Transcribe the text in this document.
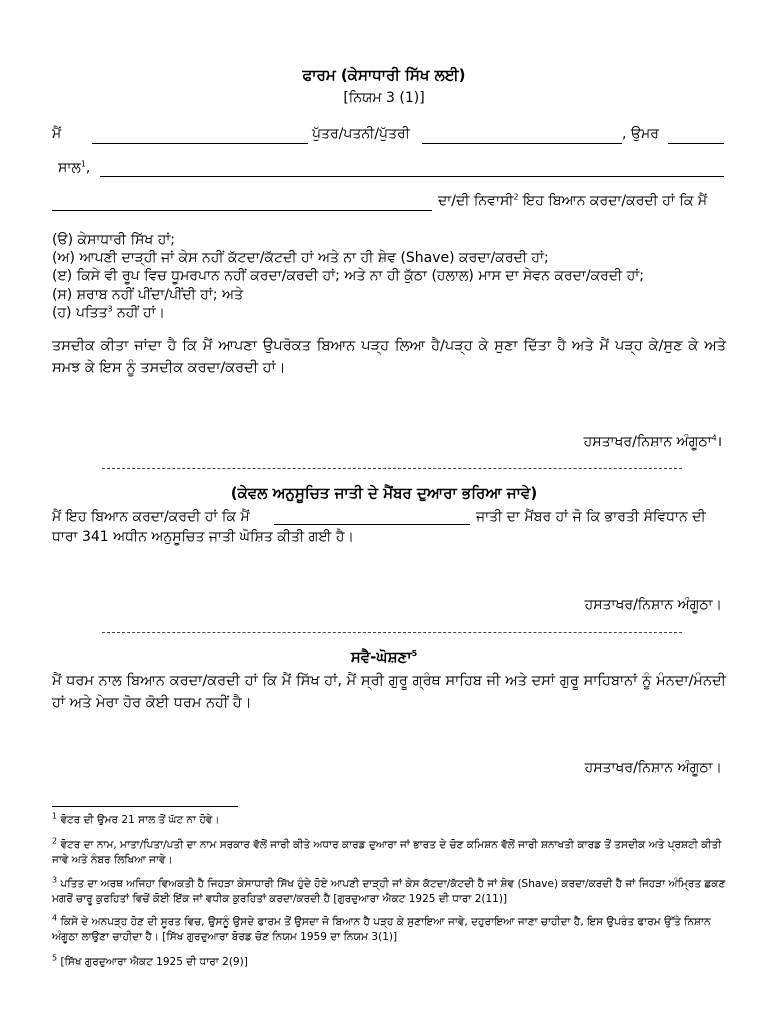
ਫਾਰਮ (ਕੇਸਾਧਾਰੀ ਸਿੱਖ ਲਈ)
[ਨਿਯਮ 3 (1)]
ਮੈਂ	ਪੁੱਤਰ/ਪਤਨੀ/ਪੁੱਤਰੀ	, ਉਮਰ
ਸਾਲ$^1$,
ਦਾ/ਦੀ ਨਿਵਾਸੀ$^2$ ਇਹ ਬਿਆਨ ਕਰਦਾ/ਕਰਦੀ ਹਾਂ ਕਿ ਮੈਂ
(ੳ) ਕੇਸਾਧਾਰੀ ਸਿੱਖ ਹਾਂ;
(ਅ) ਆਪਣੀ ਦਾੜ੍ਹੀ ਜਾਂ ਕੇਸ ਨਹੀਂ ਕੱਟਦਾ/ਕੱਟਦੀ ਹਾਂ ਅਤੇ ਨਾ ਹੀ ਸ਼ੇਵ (Shave) ਕਰਦਾ/ਕਰਦੀ ਹਾਂ;
(ੲ) ਕਿਸੇ ਵੀ ਰੂਪ ਵਿਚ ਧੂਮਰਪਾਨ ਨਹੀਂ ਕਰਦਾ/ਕਰਦੀ ਹਾਂ; ਅਤੇ ਨਾ ਹੀ ਕੁੱਠਾ (ਹਲਾਲ) ਮਾਸ ਦਾ ਸੇਵਨ ਕਰਦਾ/ਕਰਦੀ ਹਾਂ;
(ਸ) ਸ਼ਰਾਬ ਨਹੀਂ ਪੀਂਦਾ/ਪੀਂਦੀ ਹਾਂ; ਅਤੇ
(ਹ) ਪਤਿਤ$^3$ ਨਹੀਂ ਹਾਂ।
ਤਸਦੀਕ ਕੀਤਾ ਜਾਂਦਾ ਹੈ ਕਿ ਮੈਂ ਆਪਣਾ ਉਪਰੋਕਤ ਬਿਆਨ ਪੜ੍ਹ ਲਿਆ ਹੈ/ਪੜ੍ਹ ਕੇ ਸੁਣਾ ਦਿੱਤਾ ਹੈ ਅਤੇ ਮੈਂ ਪੜ੍ਹ ਕੇ/ਸੁਣ ਕੇ ਅਤੇ ਸਮਝ ਕੇ ਇਸ ਨੂੰ ਤਸਦੀਕ ਕਰਦਾ/ਕਰਦੀ ਹਾਂ।
ਹਸਤਾਖਰ/ਨਿਸ਼ਾਨ ਅੰਗੂਠਾ$^4$।
(ਕੇਵਲ ਅਨੁਸੂਚਿਤ ਜਾਤੀ ਦੇ ਮੈਂਬਰ ਦੁਆਰਾ ਭਰਿਆ ਜਾਵੇ)
ਮੈਂ ਇਹ ਬਿਆਨ ਕਰਦਾ/ਕਰਦੀ ਹਾਂ ਕਿ ਮੈਂ	ਜਾਤੀ ਦਾ ਮੈਂਬਰ ਹਾਂ ਜੋ ਕਿ ਭਾਰਤੀ ਸੰਵਿਧਾਨ ਦੀ
ਧਾਰਾ 341 ਅਧੀਨ ਅਨੁਸੂਚਿਤ ਜਾਤੀ ਘੋਸ਼ਿਤ ਕੀਤੀ ਗਈ ਹੈ।
ਹਸਤਾਖਰ/ਨਿਸ਼ਾਨ ਅੰਗੂਠਾ।
ਸਵੈ-ਘੋਸ਼ਣਾ$^5$
ਮੈਂ ਧਰਮ ਨਾਲ ਬਿਆਨ ਕਰਦਾ/ਕਰਦੀ ਹਾਂ ਕਿ ਮੈਂ ਸਿੱਖ ਹਾਂ, ਮੈਂ ਸ੍ਰੀ ਗੁਰੂ ਗ੍ਰੰਥ ਸਾਹਿਬ ਜੀ ਅਤੇ ਦਸਾਂ ਗੁਰੂ ਸਾਹਿਬਾਨਾਂ ਨੂੰ ਮੰਨਦਾ/ਮੰਨਦੀ ਹਾਂ ਅਤੇ ਮੇਰਾ ਹੋਰ ਕੋਈ ਧਰਮ ਨਹੀਂ ਹੈ।
ਹਸਤਾਖਰ/ਨਿਸ਼ਾਨ ਅੰਗੂਠਾ।
$^1$ ਵੋਟਰ ਦੀ ਉਮਰ 21 ਸਾਲ ਤੋਂ ਘੱਟ ਨਾ ਹੋਵੇ।
$^2$ ਵੋਟਰ ਦਾ ਨਾਮ, ਮਾਤਾ/ਪਿਤਾ/ਪਤੀ ਦਾ ਨਾਮ ਸਰਕਾਰ ਵੱਲੋਂ ਜਾਰੀ ਕੀਤੇ ਅਧਾਰ ਕਾਰਡ ਦੁਆਰਾ ਜਾਂ ਭਾਰਤ ਦੇ ਚੋਣ ਕਮਿਸ਼ਨ ਵੱਲੋਂ ਜਾਰੀ ਸ਼ਨਾਖਤੀ ਕਾਰਡ ਤੋਂ ਤਸਦੀਕ ਅਤੇ ਪ੍ਰਸ਼ਟੀ ਕੀਤੀ ਜਾਵੇ ਅਤੇ ਨੰਬਰ ਲਿਖਿਆ ਜਾਵੇ।
$^3$ ਪਤਿਤ ਦਾ ਅਰਥ ਅਜਿਹਾ ਵਿਅਕਤੀ ਹੈ ਜਿਹੜਾ ਕੇਸਾਧਾਰੀ ਸਿੱਖ ਹੁੰਦੇ ਹੋਏ ਆਪਣੀ ਦਾੜ੍ਹੀ ਜਾਂ ਕੇਸ ਕੱਟਦਾ/ਕੱਟਦੀ ਹੈ ਜਾਂ ਸ਼ੇਵ (Shave) ਕਰਦਾ/ਕਰਦੀ ਹੈ ਜਾਂ ਜਿਹੜਾ ਅੰਮ੍ਰਿਤ ਛਕਣ ਮਗਰੋਂ ਚਾਰੂ ਕੁਰਹਿਤਾਂ ਵਿਚੋਂ ਕੋਈ ਇੱਕ ਜਾਂ ਵਧੀਕ ਕੁਰਹਿਤਾਂ ਕਰਦਾ/ਕਰਦੀ ਹੈ [ਗੁਰਦੁਆਰਾ ਐਕਟ 1925 ਦੀ ਧਾਰਾ 2(11)]
$^4$ ਕਿਸੇ ਦੇ ਅਨਪੜ੍ਹ ਹੋਣ ਦੀ ਸੂਰਤ ਵਿਚ, ਉਸਨੂੰ ਉਸਦੇ ਫਾਰਮ ਤੋਂ ਉਸਦਾ ਜੋ ਬਿਆਨ ਹੈ ਪੜ੍ਹ ਕੇ ਸੁਣਾਇਆ ਜਾਵੇ, ਦਹੁਰਾਇਆ ਜਾਣਾ ਚਾਹੀਦਾ ਹੈ, ਇਸ ਉਪਰੰਤ ਫਾਰਮ ਉੱਤੇ ਨਿਸ਼ਾਨ ਅੰਗੂਠਾ ਲਾਉਣਾ ਚਾਹੀਦਾ ਹੈ। [ਸਿੱਖ ਗੁਰਦੁਆਰਾ ਬੋਰਡ ਚੋਣ ਨਿਯਮ 1959 ਦਾ ਨਿਯਮ 3(1)]
$^5$ [ਸਿੱਖ ਗੁਰਦੁਆਰਾ ਐਕਟ 1925 ਦੀ ਧਾਰਾ 2(9)]
